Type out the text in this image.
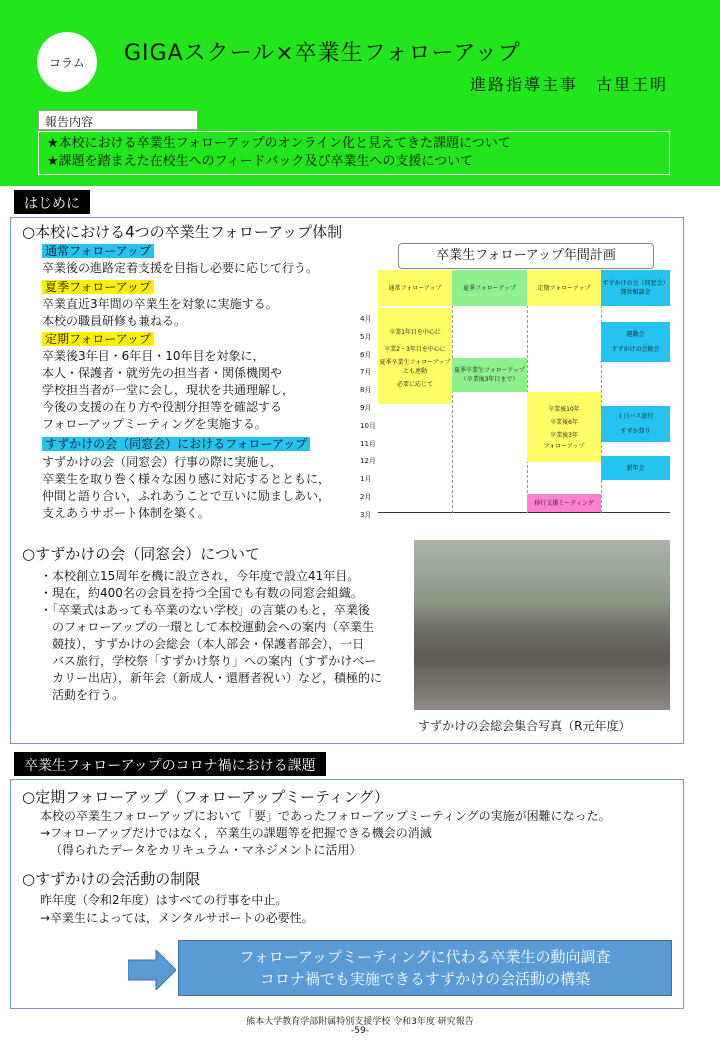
コラム	GIGAスクール×卒業生フォローアップ
進路指導主事　古里王明
報告内容
★本校における卒業生フォローアップのオンライン化と見えてきた課題について
★課題を踏まえた在校生へのフィードバック及び卒業生への支援について
はじめに
○本校における4つの卒業生フォローアップ体制
通常フォローアップ
卒業後の進路定着支援を目指し必要に応じて行う。
夏季フォローアップ
卒業直近3年間の卒業生を対象に実施する。
本校の職員研修も兼ねる。
定期フォローアップ
卒業後3年目・6年目・10年目を対象に，
本人・保護者・就労先の担当者・関係機関や
学校担当者が一堂に会し，現状を共通理解し，
今後の支援の在り方や役割分担等を確認する
フォローアップミーティングを実施する。
すずかけの会（同窓会）におけるフォローアップ
すずかけの会（同窓会）行事の際に実施し，
卒業生を取り巻く様々な困り感に対応するとともに，
仲間と語り合い，ふれあうことで互いに励ましあい，
支えあうサポート体制を築く。
卒業生フォローアップ年間計画
4月
5月
6月
7月
8月
9月
10月
11月
12月
1月
2月
3月
通常フォローアップ	夏季フォローアップ	定期フォローアップ
すずかけの会（同窓会）運営相談会
卒業1年目を中心に
卒業2・3年目を中心に
夏季卒業生フォローアップ
とも連動
必要に応じて
夏季卒業生フォローアップ
（卒業後3年目まで）
卒業後10年
卒業後6年
卒業後3年
フォローアップ
移行支援ミーティング
運動会
すずかけの会総会
１日バス旅行
すずか祭り
新年会
○すずかけの会（同窓会）について
・本校創立15周年を機に設立され，今年度で設立41年目。
・現在，約400名の会員を持つ全国でも有数の同窓会組織。
・「卒業式はあっても卒業のない学校」の言葉のもと，卒業後
　のフォローアップの一環として本校運動会への案内（卒業生
　競技），すずかけの会総会（本人部会・保護者部会），一日
　バス旅行，学校祭「すずかけ祭り」への案内（すずかけベー
　カリー出店），新年会（新成人・還暦者祝い）など，積極的に
　活動を行う。
すずかけの会総会集合写真（R元年度）
卒業生フォローアップのコロナ禍における課題
○定期フォローアップ（フォローアップミーティング）
本校の卒業生フォローアップにおいて「要」であったフォローアップミーティングの実施が困難になった。
→フォローアップだけではなく，卒業生の課題等を把握できる機会の消滅
（得られたデータをカリキュラム・マネジメントに活用）
○すずかけの会活動の制限
昨年度（令和2年度）はすべての行事を中止。
→卒業生によっては，メンタルサポートの必要性。
フォローアップミーティングに代わる卒業生の動向調査
コロナ禍でも実施できるすずかけの会活動の構築
熊本大学教育学部附属特別支援学校 令和3年度 研究報告
-59-
